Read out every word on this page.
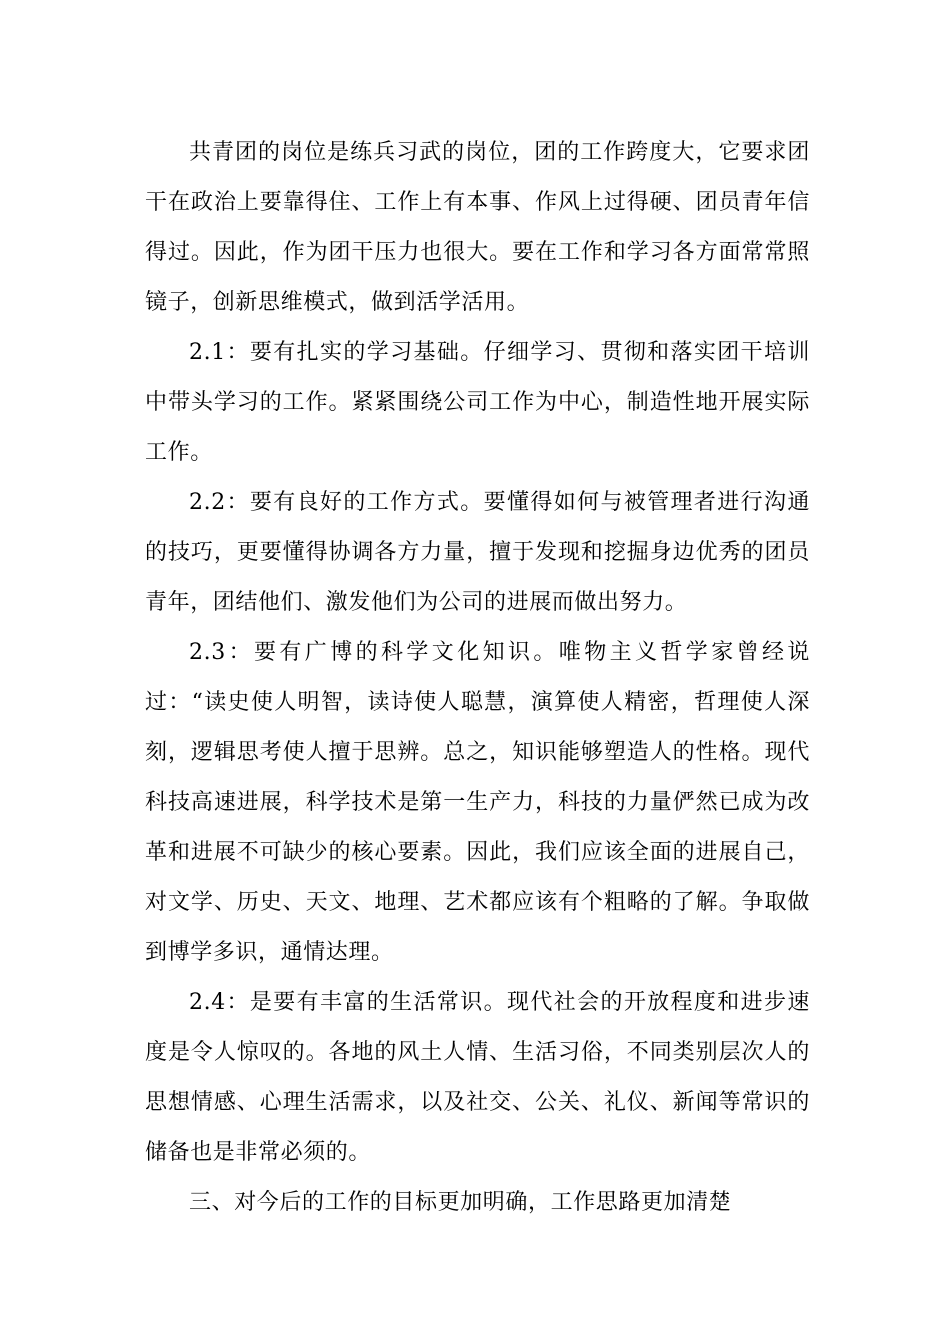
共青团的岗位是练兵习武的岗位，团的工作跨度大，它要求团干在政治上要靠得住、工作上有本事、作风上过得硬、团员青年信得过。因此，作为团干压力也很大。要在工作和学习各方面常常照镜子，创新思维模式，做到活学活用。

2.1：要有扎实的学习基础。仔细学习、贯彻和落实团干培训中带头学习的工作。紧紧围绕公司工作为中心，制造性地开展实际工作。

2.2：要有良好的工作方式。要懂得如何与被管理者进行沟通的技巧，更要懂得协调各方力量，擅于发现和挖掘身边优秀的团员青年，团结他们、激发他们为公司的进展而做出努力。

2.3：要有广博的科学文化知识。唯物主义哲学家曾经说过：“读史使人明智，读诗使人聪慧，演算使人精密，哲理使人深刻，逻辑思考使人擅于思辨。总之，知识能够塑造人的性格。现代科技高速进展，科学技术是第一生产力，科技的力量俨然已成为改革和进展不可缺少的核心要素。因此，我们应该全面的进展自己，对文学、历史、天文、地理、艺术都应该有个粗略的了解。争取做到博学多识，通情达理。

2.4：是要有丰富的生活常识。现代社会的开放程度和进步速度是令人惊叹的。各地的风土人情、生活习俗，不同类别层次人的思想情感、心理生活需求，以及社交、公关、礼仪、新闻等常识的储备也是非常必须的。

三、对今后的工作的目标更加明确，工作思路更加清楚
